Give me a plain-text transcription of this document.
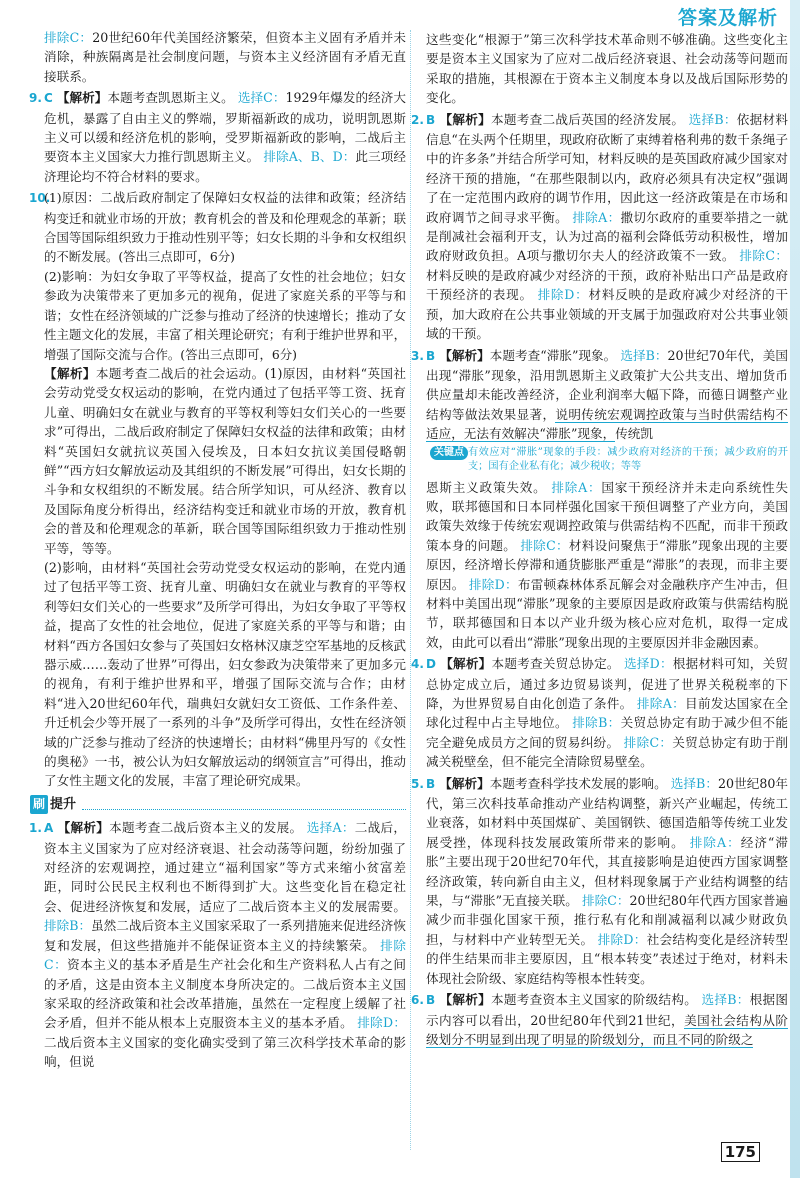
答案及解析
排除C：20世纪60年代美国经济繁荣，但资本主义固有矛盾并未消除，种族隔离是社会制度问题，与资本主义经济固有矛盾无直接联系。
9. C 【解析】本题考查凯恩斯主义。 选择C：1929年爆发的经济大危机，暴露了自由主义的弊端，罗斯福新政的成功，说明凯恩斯主义可以缓和经济危机的影响，受罗斯福新政的影响，二战后主要资本主义国家大力推行凯恩斯主义。 排除A、B、D：此三项经济理论均不符合材料的要求。
10.(1)原因：二战后政府制定了保障妇女权益的法律和政策；经济结构变迁和就业市场的开放；教育机会的普及和伦理观念的革新；联合国等国际组织致力于推动性别平等；妇女长期的斗争和女权组织的不断发展。(答出三点即可，6分)
(2)影响：为妇女争取了平等权益，提高了女性的社会地位；妇女参政为决策带来了更加多元的视角，促进了家庭关系的平等与和谐；女性在经济领域的广泛参与推动了经济的快速增长；推动了女性主题文化的发展，丰富了相关理论研究；有利于维护世界和平，增强了国际交流与合作。(答出三点即可，6分)
【解析】本题考查二战后的社会运动。(1)原因，由材料“英国社会劳动党受女权运动的影响，在党内通过了包括平等工资、抚育儿童、明确妇女在就业与教育的平等权利等妇女们关心的一些要求”可得出，二战后政府制定了保障妇女权益的法律和政策；由材料“英国妇女就抗议英国入侵埃及，日本妇女抗议美国侵略朝鲜”“西方妇女解放运动及其组织的不断发展”可得出，妇女长期的斗争和女权组织的不断发展。结合所学知识，可从经济、教育以及国际角度分析得出，经济结构变迁和就业市场的开放，教育机会的普及和伦理观念的革新，联合国等国际组织致力于推动性别平等，等等。
(2)影响，由材料“英国社会劳动党受女权运动的影响，在党内通过了包括平等工资、抚育儿童、明确妇女在就业与教育的平等权利等妇女们关心的一些要求”及所学可得出，为妇女争取了平等权益，提高了女性的社会地位，促进了家庭关系的平等与和谐；由材料“西方各国妇女参与了英国妇女格林汉康芝空军基地的反核武器示威……轰动了世界”可得出，妇女参政为决策带来了更加多元的视角，有利于维护世界和平，增强了国际交流与合作；由材料“进入20世纪60年代，瑞典妇女就妇女工资低、工作条件差、升迁机会少等开展了一系列的斗争”及所学可得出，女性在经济领域的广泛参与推动了经济的快速增长；由材料“佛里丹写的《女性的奥秘》一书，被公认为妇女解放运动的纲领宣言”可得出，推动了女性主题文化的发展，丰富了理论研究成果。
刷 提升
1. A 【解析】本题考查二战后资本主义的发展。 选择A：二战后，资本主义国家为了应对经济衰退、社会动荡等问题，纷纷加强了对经济的宏观调控，通过建立“福利国家”等方式来缩小贫富差距，同时公民民主权利也不断得到扩大。这些变化旨在稳定社会、促进经济恢复和发展，适应了二战后资本主义的发展需要。 排除B：虽然二战后资本主义国家采取了一系列措施来促进经济恢复和发展，但这些措施并不能保证资本主义的持续繁荣。 排除C：资本主义的基本矛盾是生产社会化和生产资料私人占有之间的矛盾，这是由资本主义制度本身所决定的。二战后资本主义国家采取的经济政策和社会改革措施，虽然在一定程度上缓解了社会矛盾，但并不能从根本上克服资本主义的基本矛盾。 排除D：二战后资本主义国家的变化确实受到了第三次科学技术革命的影响，但说
这些变化“根源于”第三次科学技术革命则不够准确。这些变化主要是资本主义国家为了应对二战后经济衰退、社会动荡等问题而采取的措施，其根源在于资本主义制度本身以及战后国际形势的变化。
2. B 【解析】本题考查二战后英国的经济发展。 选择B：依据材料信息“在头两个任期里，现政府砍断了束缚着格利弗的数千条绳子中的许多条”并结合所学可知，材料反映的是英国政府减少国家对经济干预的措施，“在那些限制以内，政府必须具有决定权”强调了在一定范围内政府的调节作用，因此这一经济政策是在市场和政府调节之间寻求平衡。 排除A：撒切尔政府的重要举措之一就是削减社会福利开支，认为过高的福利会降低劳动积极性，增加政府财政负担。A项与撒切尔夫人的经济政策不一致。 排除C：材料反映的是政府减少对经济的干预，政府补贴出口产品是政府干预经济的表现。 排除D：材料反映的是政府减少对经济的干预，加大政府在公共事业领域的开支属于加强政府对公共事业领域的干预。
3. B 【解析】本题考查“滞胀”现象。 选择B：20世纪70年代，美国出现“滞胀”现象，沿用凯恩斯主义政策扩大公共支出、增加货币供应量却未能改善经济，企业利润率大幅下降，而德日调整产业结构等做法效果显著，说明传统宏观调控政策与当时供需结构不适应，无法有效解决“滞胀”现象，传统凯
关键点 有效应对“滞胀”现象的手段：减少政府对经济的干预；减少政府的开支；国有企业私有化；减少税收；等等
恩斯主义政策失效。 排除A：国家干预经济并未走向系统性失败，联邦德国和日本同样强化国家干预但调整了产业方向，美国政策失效缘于传统宏观调控政策与供需结构不匹配，而非干预政策本身的问题。 排除C：材料设问聚焦于“滞胀”现象出现的主要原因，经济增长停滞和通货膨胀严重是“滞胀”的表现，而非主要原因。 排除D：布雷顿森林体系瓦解会对金融秩序产生冲击，但材料中美国出现“滞胀”现象的主要原因是政府政策与供需结构脱节，联邦德国和日本以产业升级为核心应对危机，取得一定成效，由此可以看出“滞胀”现象出现的主要原因并非金融因素。
4. D 【解析】本题考查关贸总协定。 选择D：根据材料可知，关贸总协定成立后，通过多边贸易谈判，促进了世界关税税率的下降，为世界贸易自由化创造了条件。 排除A：目前发达国家在全球化过程中占主导地位。 排除B：关贸总协定有助于减少但不能完全避免成员方之间的贸易纠纷。 排除C：关贸总协定有助于削减关税壁垒，但不能完全清除贸易壁垒。
5. B 【解析】本题考查科学技术发展的影响。 选择B：20世纪80年代，第三次科技革命推动产业结构调整，新兴产业崛起，传统工业衰落，如材料中英国煤矿、美国钢铁、德国造船等传统工业发展受挫，体现科技发展政策所带来的影响。 排除A：经济“滞胀”主要出现于20世纪70年代，其直接影响是迫使西方国家调整经济政策，转向新自由主义，但材料现象属于产业结构调整的结果，与“滞胀”无直接关联。 排除C：20世纪80年代西方国家普遍减少而非强化国家干预，推行私有化和削减福利以减少财政负担，与材料中产业转型无关。 排除D：社会结构变化是经济转型的伴生结果而非主要原因，且“根本转变”表述过于绝对，材料未体现社会阶级、家庭结构等根本性转变。
6. B 【解析】本题考查资本主义国家的阶级结构。 选择B：根据图示内容可以看出，20世纪80年代到21世纪，美国社会结构从阶级划分不明显到出现了明显的阶级划分，而且不同的阶级之
175
